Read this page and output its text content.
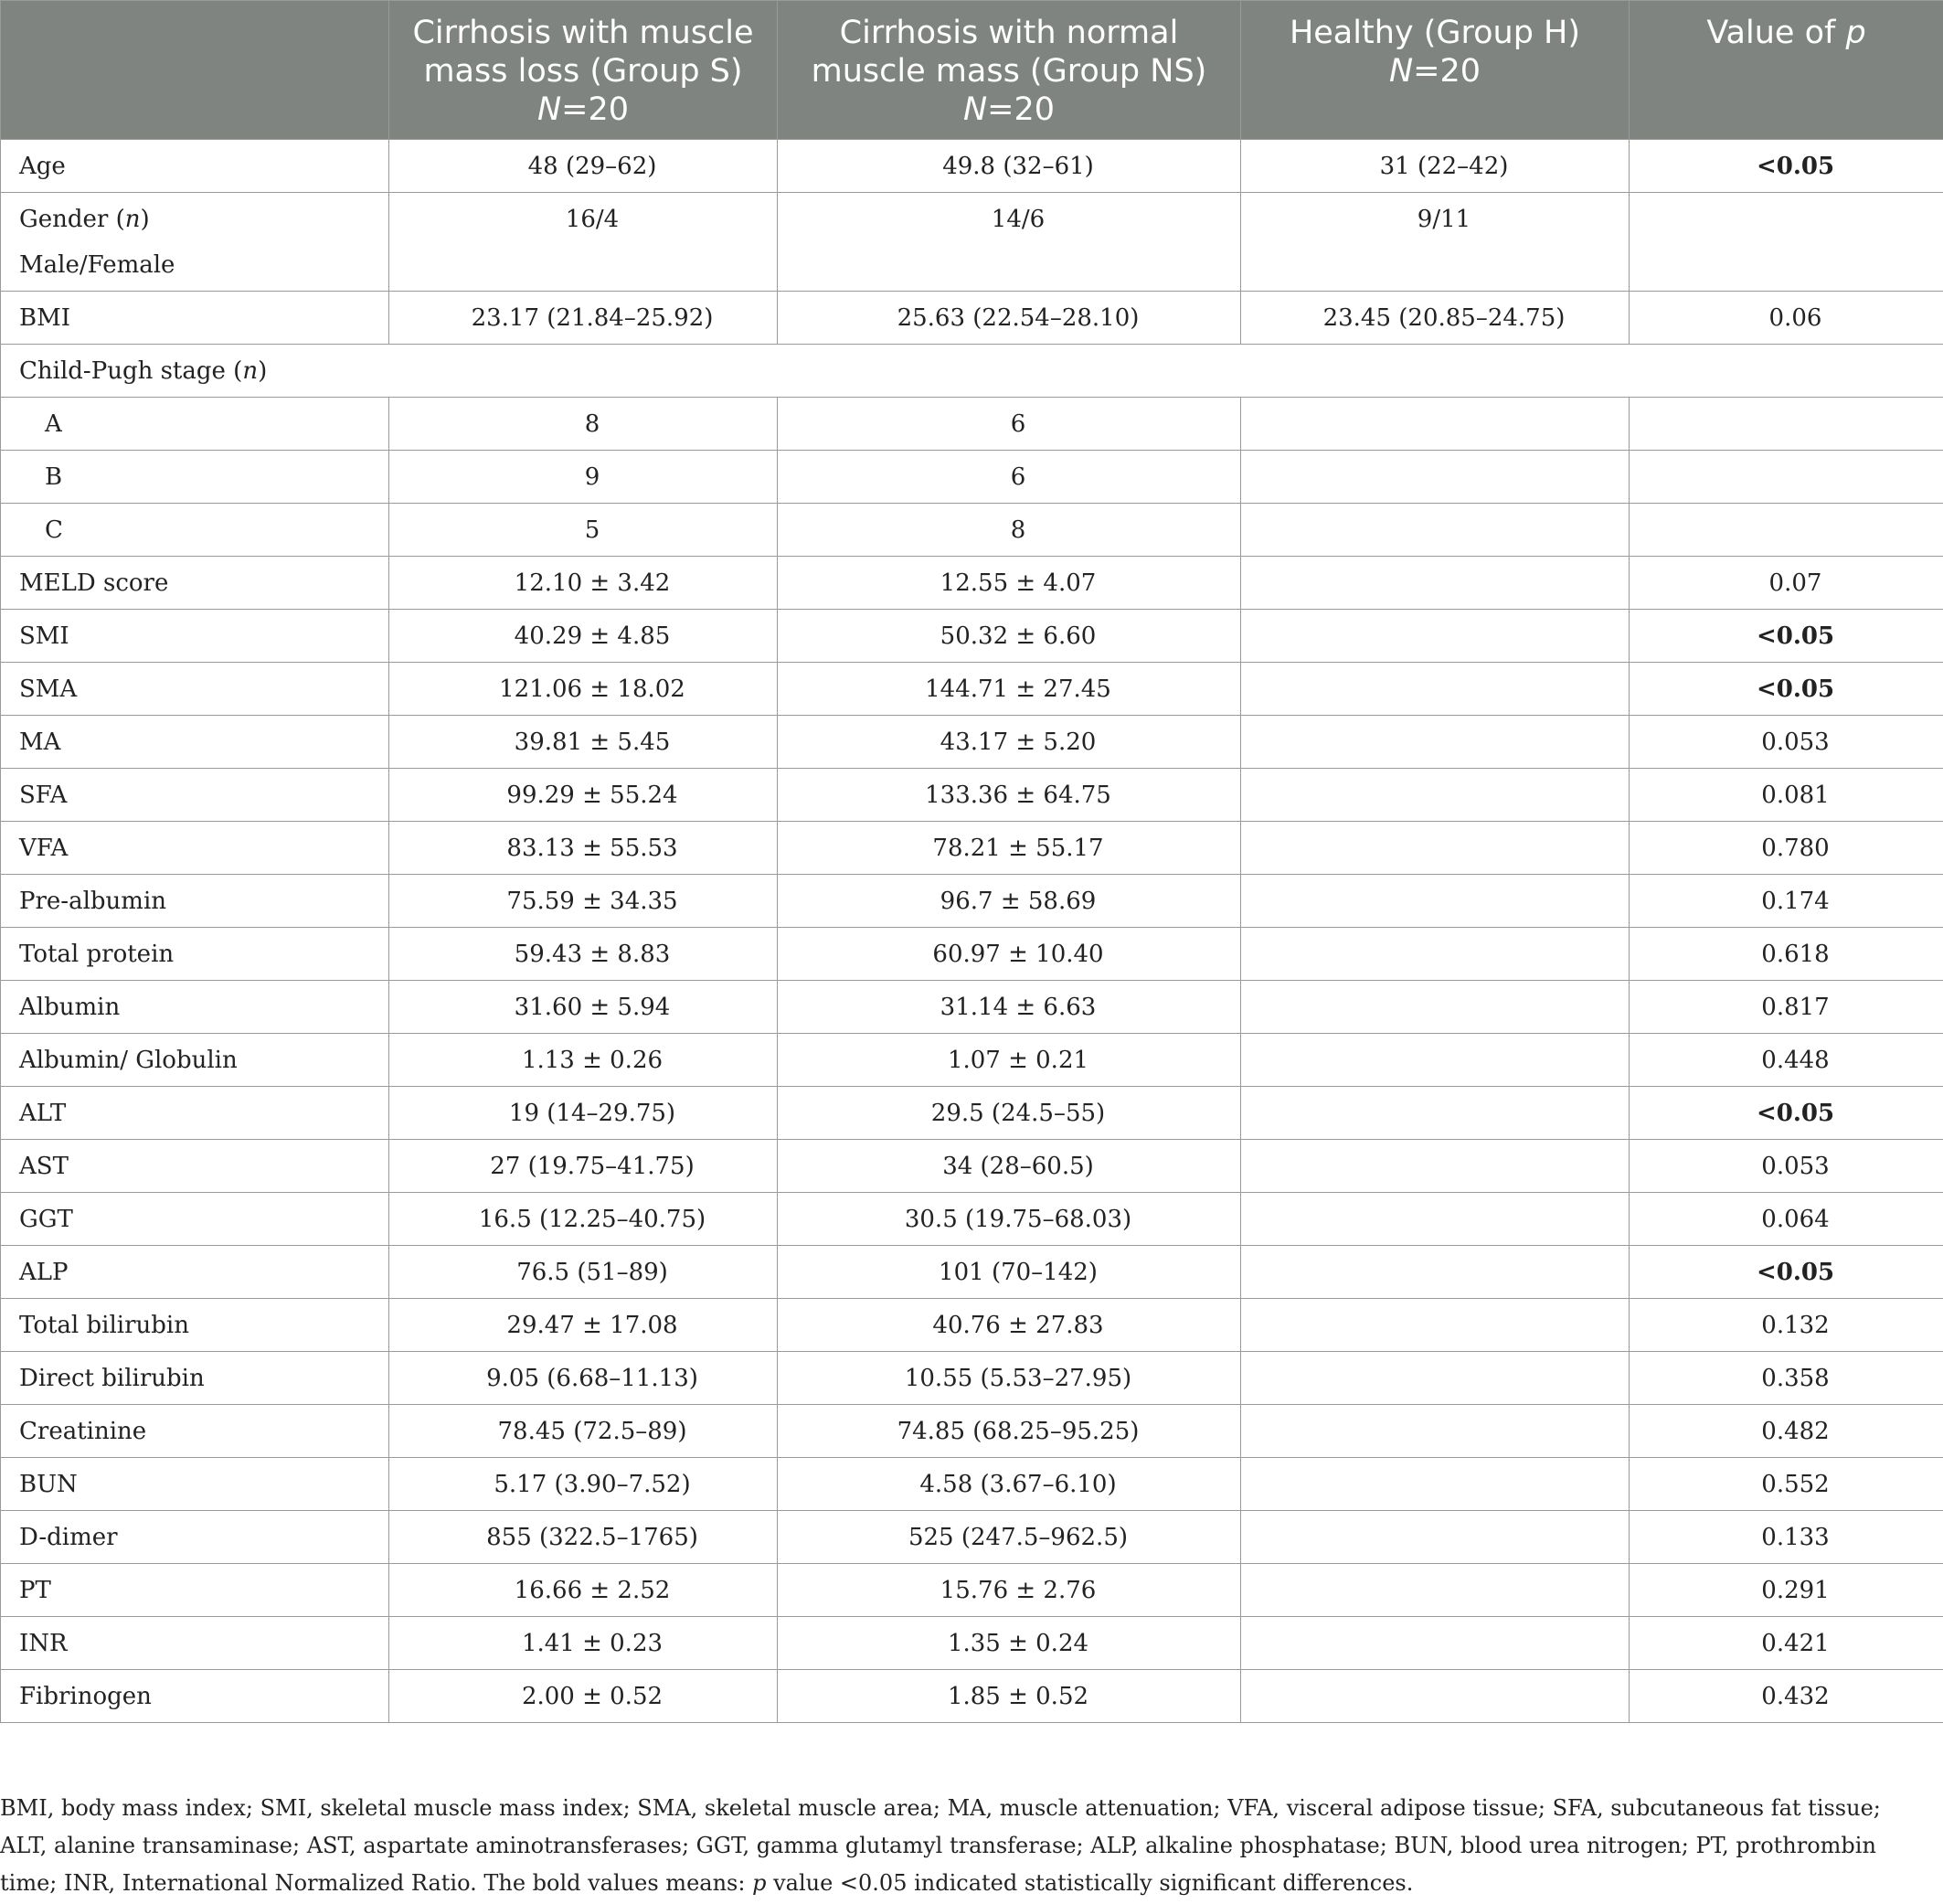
	Cirrhosis with muscle
mass loss (Group S)
N=20	Cirrhosis with normal
muscle mass (Group NS)
N=20	Healthy (Group H)
N=20	Value of p
Age	48 (29–62)	49.8 (32–61)	31 (22–42)	<0.05
Gender (n)
Male/Female	16/4	14/6	9/11	
BMI	23.17 (21.84–25.92)	25.63 (22.54–28.10)	23.45 (20.85–24.75)	0.06
Child-Pugh stage (n)				
A	8	6		
B	9	6		
C	5	8		
MELD score	12.10 ± 3.42	12.55 ± 4.07		0.07
SMI	40.29 ± 4.85	50.32 ± 6.60		<0.05
SMA	121.06 ± 18.02	144.71 ± 27.45		<0.05
MA	39.81 ± 5.45	43.17 ± 5.20		0.053
SFA	99.29 ± 55.24	133.36 ± 64.75		0.081
VFA	83.13 ± 55.53	78.21 ± 55.17		0.780
Pre-albumin	75.59 ± 34.35	96.7 ± 58.69		0.174
Total protein	59.43 ± 8.83	60.97 ± 10.40		0.618
Albumin	31.60 ± 5.94	31.14 ± 6.63		0.817
Albumin/ Globulin	1.13 ± 0.26	1.07 ± 0.21		0.448
ALT	19 (14–29.75)	29.5 (24.5–55)		<0.05
AST	27 (19.75–41.75)	34 (28–60.5)		0.053
GGT	16.5 (12.25–40.75)	30.5 (19.75–68.03)		0.064
ALP	76.5 (51–89)	101 (70–142)		<0.05
Total bilirubin	29.47 ± 17.08	40.76 ± 27.83		0.132
Direct bilirubin	9.05 (6.68–11.13)	10.55 (5.53–27.95)		0.358
Creatinine	78.45 (72.5–89)	74.85 (68.25–95.25)		0.482
BUN	5.17 (3.90–7.52)	4.58 (3.67–6.10)		0.552
D-dimer	855 (322.5–1765)	525 (247.5–962.5)		0.133
PT	16.66 ± 2.52	15.76 ± 2.76		0.291
INR	1.41 ± 0.23	1.35 ± 0.24		0.421
Fibrinogen	2.00 ± 0.52	1.85 ± 0.52		0.432
BMI, body mass index; SMI, skeletal muscle mass index; SMA, skeletal muscle area; MA, muscle attenuation; VFA, visceral adipose tissue; SFA, subcutaneous fat tissue; ALT, alanine transaminase; AST, aspartate aminotransferases; GGT, gamma glutamyl transferase; ALP, alkaline phosphatase; BUN, blood urea nitrogen; PT, prothrombin time; INR, International Normalized Ratio. The bold values means: p value <0.05 indicated statistically significant differences.
